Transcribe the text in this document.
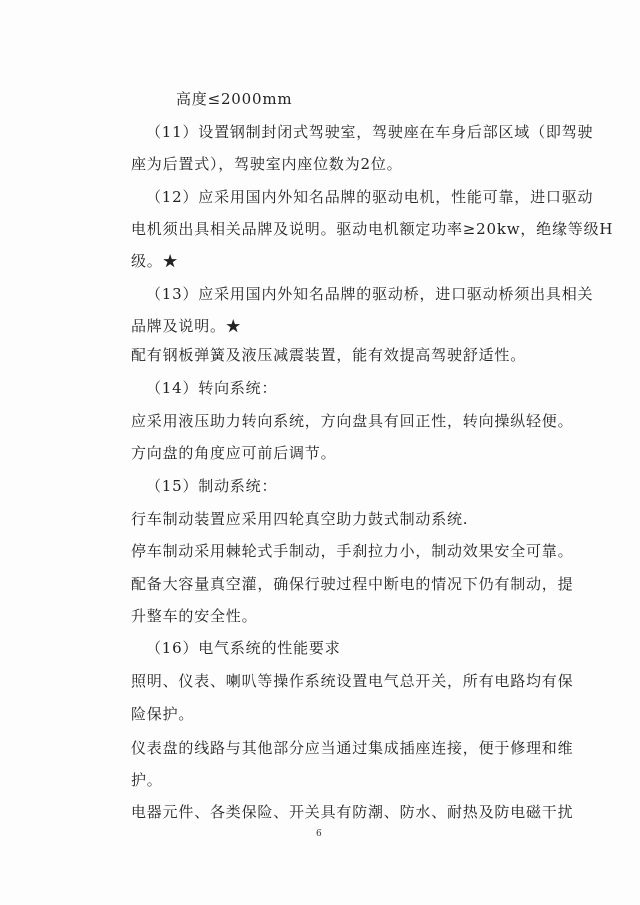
高度≤2000mm
（11）设置钢制封闭式驾驶室，驾驶座在车身后部区域（即驾驶
座为后置式），驾驶室内座位数为2位。
（12）应采用国内外知名品牌的驱动电机，性能可靠，进口驱动
电机须出具相关品牌及说明。驱动电机额定功率≥20kw，绝缘等级H
级。★
（13）应采用国内外知名品牌的驱动桥，进口驱动桥须出具相关
品牌及说明。★
配有钢板弹簧及液压减震装置，能有效提高驾驶舒适性。
（14）转向系统：
应采用液压助力转向系统，方向盘具有回正性，转向操纵轻便。
方向盘的角度应可前后调节。
（15）制动系统：
行车制动装置应采用四轮真空助力鼓式制动系统.
停车制动采用棘轮式手制动，手刹拉力小，制动效果安全可靠。
配备大容量真空灌，确保行驶过程中断电的情况下仍有制动，提
升整车的安全性。
（16）电气系统的性能要求
照明、仪表、喇叭等操作系统设置电气总开关，所有电路均有保
险保护。
仪表盘的线路与其他部分应当通过集成插座连接，便于修理和维
护。
电器元件、各类保险、开关具有防潮、防水、耐热及防电磁干扰
6
